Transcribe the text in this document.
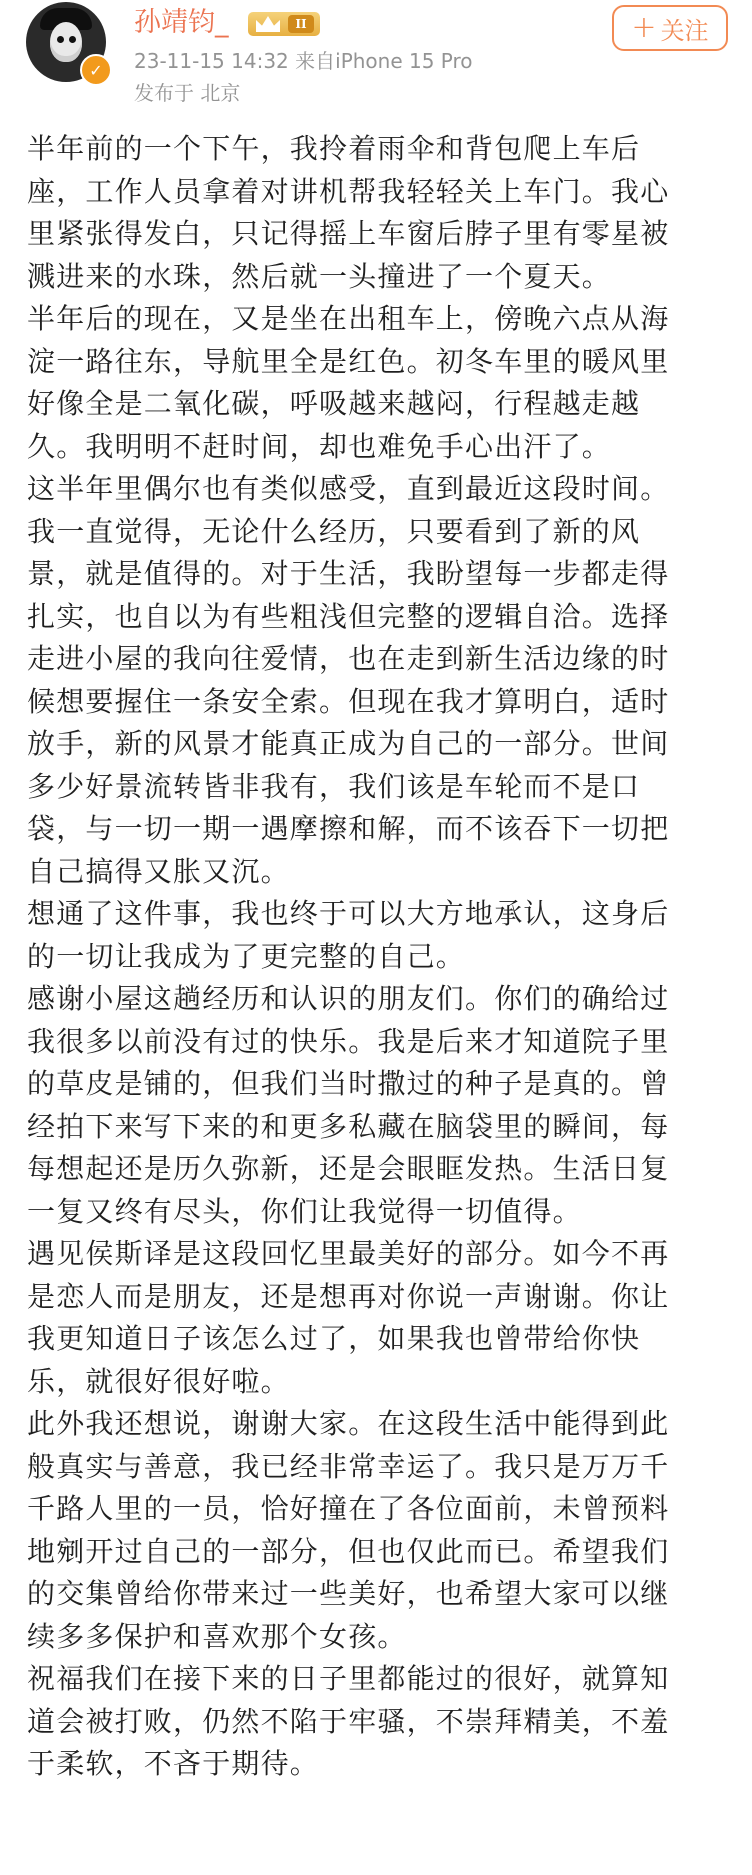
✓
孙靖钧_	II
23-11-15 14:32 来自iPhone 15 Pro
发布于 北京
+ 关注

半年前的一个下午，我拎着雨伞和背包爬上车后
座，工作人员拿着对讲机帮我轻轻关上车门。我心
里紧张得发白，只记得摇上车窗后脖子里有零星被
溅进来的水珠，然后就一头撞进了一个夏天。

半年后的现在，又是坐在出租车上，傍晚六点从海
淀一路往东，导航里全是红色。初冬车里的暖风里
好像全是二氧化碳，呼吸越来越闷，行程越走越
久。我明明不赶时间，却也难免手心出汗了。

这半年里偶尔也有类似感受，直到最近这段时间。
我一直觉得，无论什么经历，只要看到了新的风
景，就是值得的。对于生活，我盼望每一步都走得
扎实，也自以为有些粗浅但完整的逻辑自洽。选择
走进小屋的我向往爱情，也在走到新生活边缘的时
候想要握住一条安全索。但现在我才算明白，适时
放手，新的风景才能真正成为自己的一部分。世间
多少好景流转皆非我有，我们该是车轮而不是口
袋，与一切一期一遇摩擦和解，而不该吞下一切把
自己搞得又胀又沉。

想通了这件事，我也终于可以大方地承认，这身后
的一切让我成为了更完整的自己。

感谢小屋这趟经历和认识的朋友们。你们的确给过
我很多以前没有过的快乐。我是后来才知道院子里
的草皮是铺的，但我们当时撒过的种子是真的。曾
经拍下来写下来的和更多私藏在脑袋里的瞬间，每
每想起还是历久弥新，还是会眼眶发热。生活日复
一复又终有尽头，你们让我觉得一切值得。

遇见侯斯译是这段回忆里最美好的部分。如今不再
是恋人而是朋友，还是想再对你说一声谢谢。你让
我更知道日子该怎么过了，如果我也曾带给你快
乐，就很好很好啦。

此外我还想说，谢谢大家。在这段生活中能得到此
般真实与善意，我已经非常幸运了。我只是万万千
千路人里的一员，恰好撞在了各位面前，未曾预料
地剜开过自己的一部分，但也仅此而已。希望我们
的交集曾给你带来过一些美好，也希望大家可以继
续多多保护和喜欢那个女孩。

祝福我们在接下来的日子里都能过的很好，就算知
道会被打败，仍然不陷于牢骚，不崇拜精美，不羞
于柔软，不吝于期待。
